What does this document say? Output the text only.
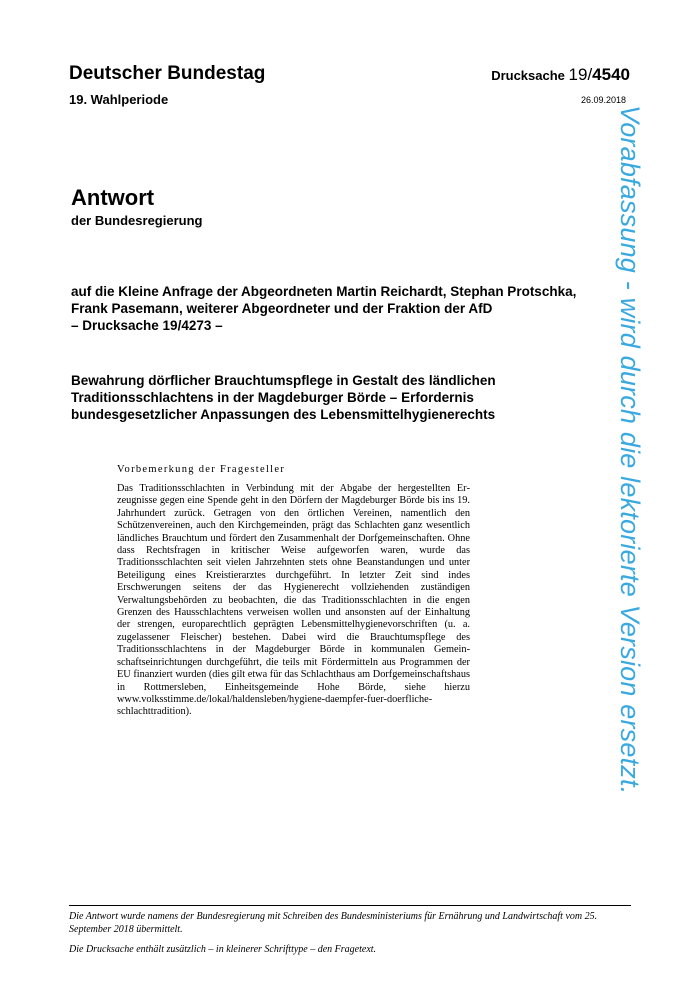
Deutscher Bundestag	Drucksache 19/4540
19. Wahlperiode	26.09.2018
Antwort
der Bundesregierung
auf die Kleine Anfrage der Abgeordneten Martin Reichardt, Stephan Protschka,
Frank Pasemann, weiterer Abgeordneter und der Fraktion der AfD
– Drucksache 19/4273 –
Bewahrung dörflicher Brauchtumspflege in Gestalt des ländlichen
Traditionsschlachtens in der Magdeburger Börde – Erfordernis
bundesgesetzlicher Anpassungen des Lebensmittelhygienerechts
Vorbemerkung der Fragesteller
Das Traditionsschlachten in Verbindung mit der Abgabe der hergestellten Erzeugnisse gegen eine Spende geht in den Dörfern der Magdeburger Börde bis ins 19. Jahrhundert zurück. Getragen von den örtlichen Vereinen, namentlich den Schützenvereinen, auch den Kirchgemeinden, prägt das Schlachten ganz wesentlich ländliches Brauchtum und fördert den Zusammenhalt der Dorfgemeinschaften. Ohne dass Rechtsfragen in kritischer Weise aufgeworfen waren, wurde das Traditionsschlachten seit vielen Jahrzehnten stets ohne Beanstandungen und unter Beteiligung eines Kreistierarztes durchgeführt. In letzter Zeit sind indes Erschwerungen seitens der das Hygienerecht vollziehenden zuständigen Verwaltungsbehörden zu beobachten, die das Traditionsschlachten in die engen Grenzen des Hausschlachtens verweisen wollen und ansonsten auf der Einhaltung der strengen, europarechtlich geprägten Lebensmittelhygienevorschriften (u. a. zugelassener Fleischer) bestehen. Dabei wird die Brauchtumspflege des Traditionsschlachtens in der Magdeburger Börde in kommunalen Gemeinschaftseinrichtungen durchgeführt, die teils mit Fördermitteln aus Programmen der EU finanziert wurden (dies gilt etwa für das Schlachthaus am Dorfgemeinschaftshaus in Rottmersleben, Einheitsgemeinde Hohe Börde, siehe hierzu www.volksstimme.de/lokal/haldensleben/hygiene-daempfer-fuer-doerflicheschlachttradition).
Die Antwort wurde namens der Bundesregierung mit Schreiben des Bundesministeriums für Ernährung und Landwirtschaft vom 25. September 2018 übermittelt.
Die Drucksache enthält zusätzlich – in kleinerer Schrifttype – den Fragetext.
Vorabfassung - wird durch die lektorierte Version ersetzt.
